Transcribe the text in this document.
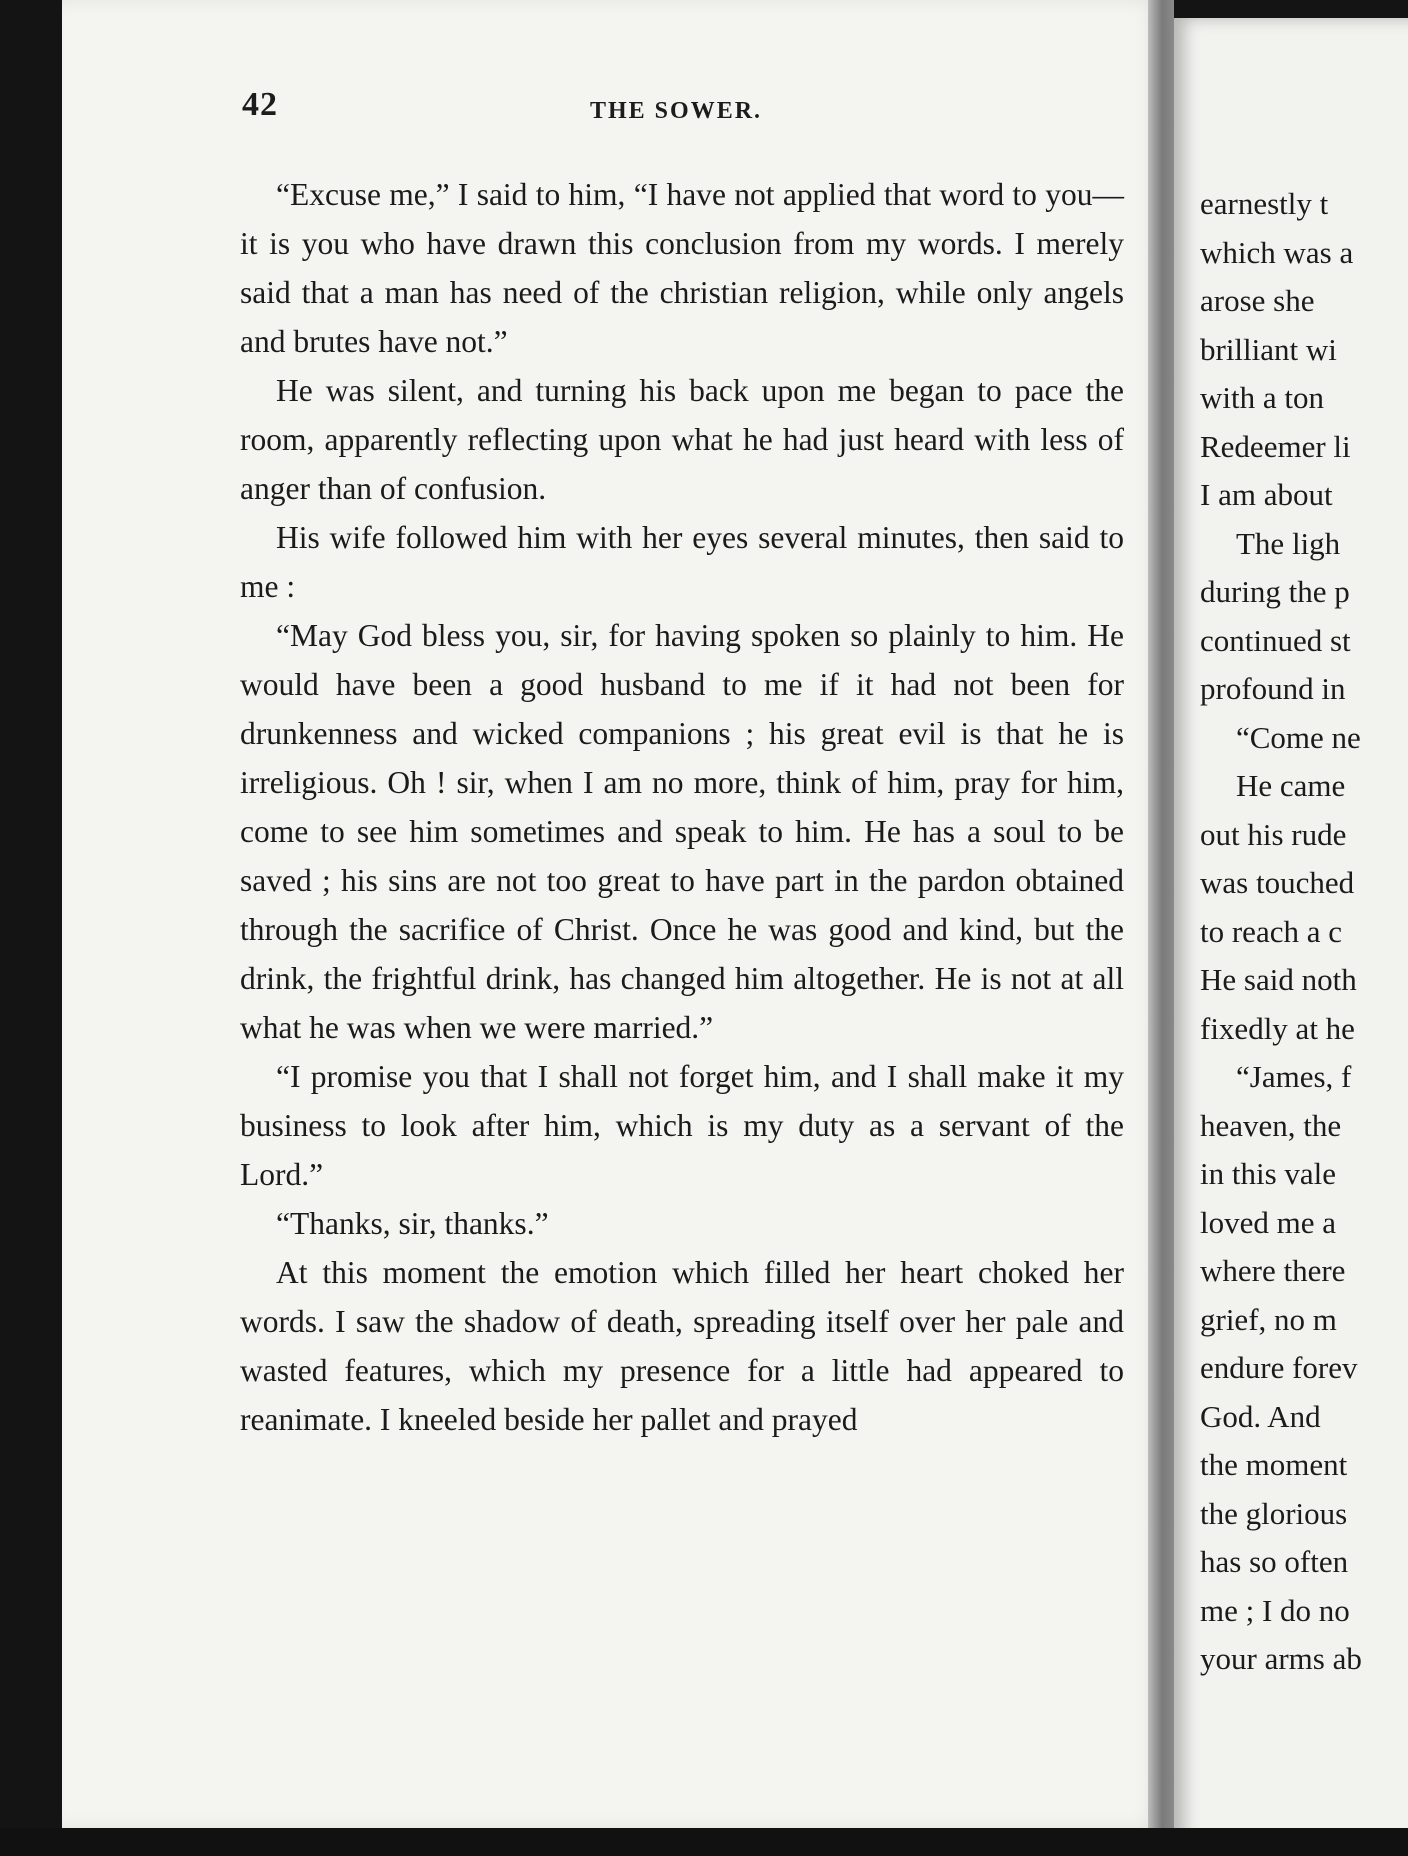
42	THE SOWER.

“Excuse me,” I said to him, “I have not applied that word to you—it is you who have drawn this conclusion from my words. I merely said that a man has need of the christian religion, while only angels and brutes have not.”

He was silent, and turning his back upon me began to pace the room, apparently reflecting upon what he had just heard with less of anger than of confusion.

His wife followed him with her eyes several minutes, then said to me :

“May God bless you, sir, for having spoken so plainly to him. He would have been a good husband to me if it had not been for drunkenness and wicked companions ; his great evil is that he is irreligious. Oh ! sir, when I am no more, think of him, pray for him, come to see him sometimes and speak to him. He has a soul to be saved ; his sins are not too great to have part in the pardon obtained through the sacrifice of Christ. Once he was good and kind, but the drink, the frightful drink, has changed him altogether. He is not at all what he was when we were married.”

“I promise you that I shall not forget him, and I shall make it my business to look after him, which is my duty as a servant of the Lord.”

“Thanks, sir, thanks.”

At this moment the emotion which filled her heart choked her words. I saw the shadow of death, spreading itself over her pale and wasted features, which my presence for a little had appeared to reanimate. I kneeled beside her pallet and prayed

earnestly t
which was a
arose she
brilliant wi
with a ton
Redeemer li
I am about
The ligh
during the p
continued st
profound in
“Come ne
He came
out his rude
was touched
to reach a c
He said noth
fixedly at he
“James, f
heaven, the
in this vale
loved me a
where there
grief, no m
endure forev
God. And
the moment
the glorious
has so often
me ; I do no
your arms ab
